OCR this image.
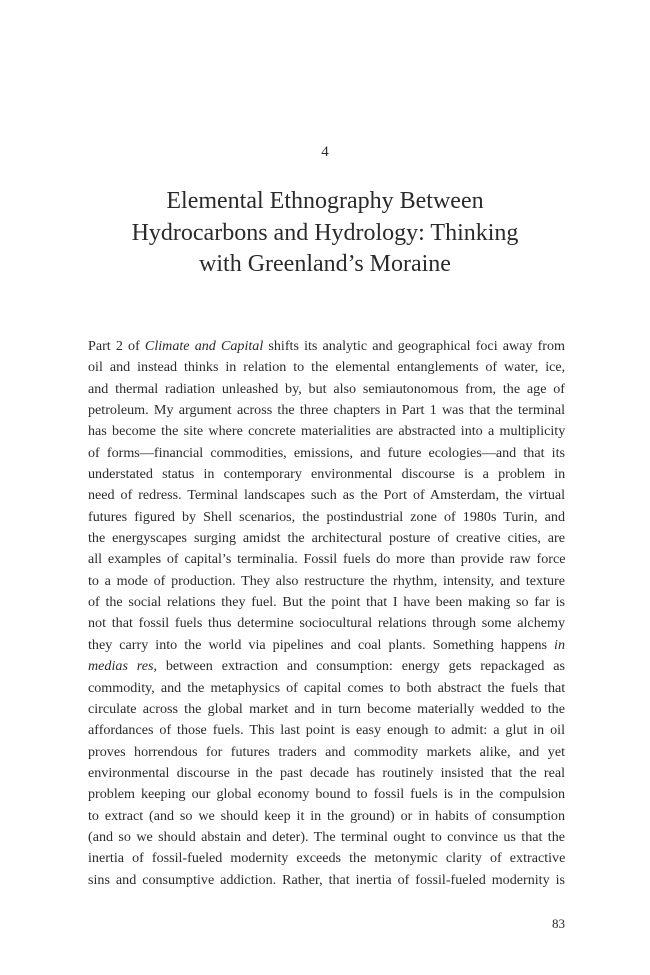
4
Elemental Ethnography Between
Hydrocarbons and Hydrology: Thinking
with Greenland’s Moraine
Part 2 of Climate and Capital shifts its analytic and geographical foci away from
oil and instead thinks in relation to the elemental entanglements of water, ice,
and thermal radiation unleashed by, but also semiautonomous from, the age of
petroleum. My argument across the three chapters in Part 1 was that the terminal
has become the site where concrete materialities are abstracted into a multiplicity
of forms—financial commodities, emissions, and future ecologies—and that its
understated status in contemporary environmental discourse is a problem in
need of redress. Terminal landscapes such as the Port of Amsterdam, the virtual
futures figured by Shell scenarios, the postindustrial zone of 1980s Turin, and
the energyscapes surging amidst the architectural posture of creative cities, are
all examples of capital’s terminalia. Fossil fuels do more than provide raw force
to a mode of production. They also restructure the rhythm, intensity, and texture
of the social relations they fuel. But the point that I have been making so far is
not that fossil fuels thus determine sociocultural relations through some alchemy
they carry into the world via pipelines and coal plants. Something happens in
medias res, between extraction and consumption: energy gets repackaged as
commodity, and the metaphysics of capital comes to both abstract the fuels that
circulate across the global market and in turn become materially wedded to the
affordances of those fuels. This last point is easy enough to admit: a glut in oil
proves horrendous for futures traders and commodity markets alike, and yet
environmental discourse in the past decade has routinely insisted that the real
problem keeping our global economy bound to fossil fuels is in the compulsion
to extract (and so we should keep it in the ground) or in habits of consumption
(and so we should abstain and deter). The terminal ought to convince us that the
inertia of fossil-fueled modernity exceeds the metonymic clarity of extractive
sins and consumptive addiction. Rather, that inertia of fossil-fueled modernity is
83
